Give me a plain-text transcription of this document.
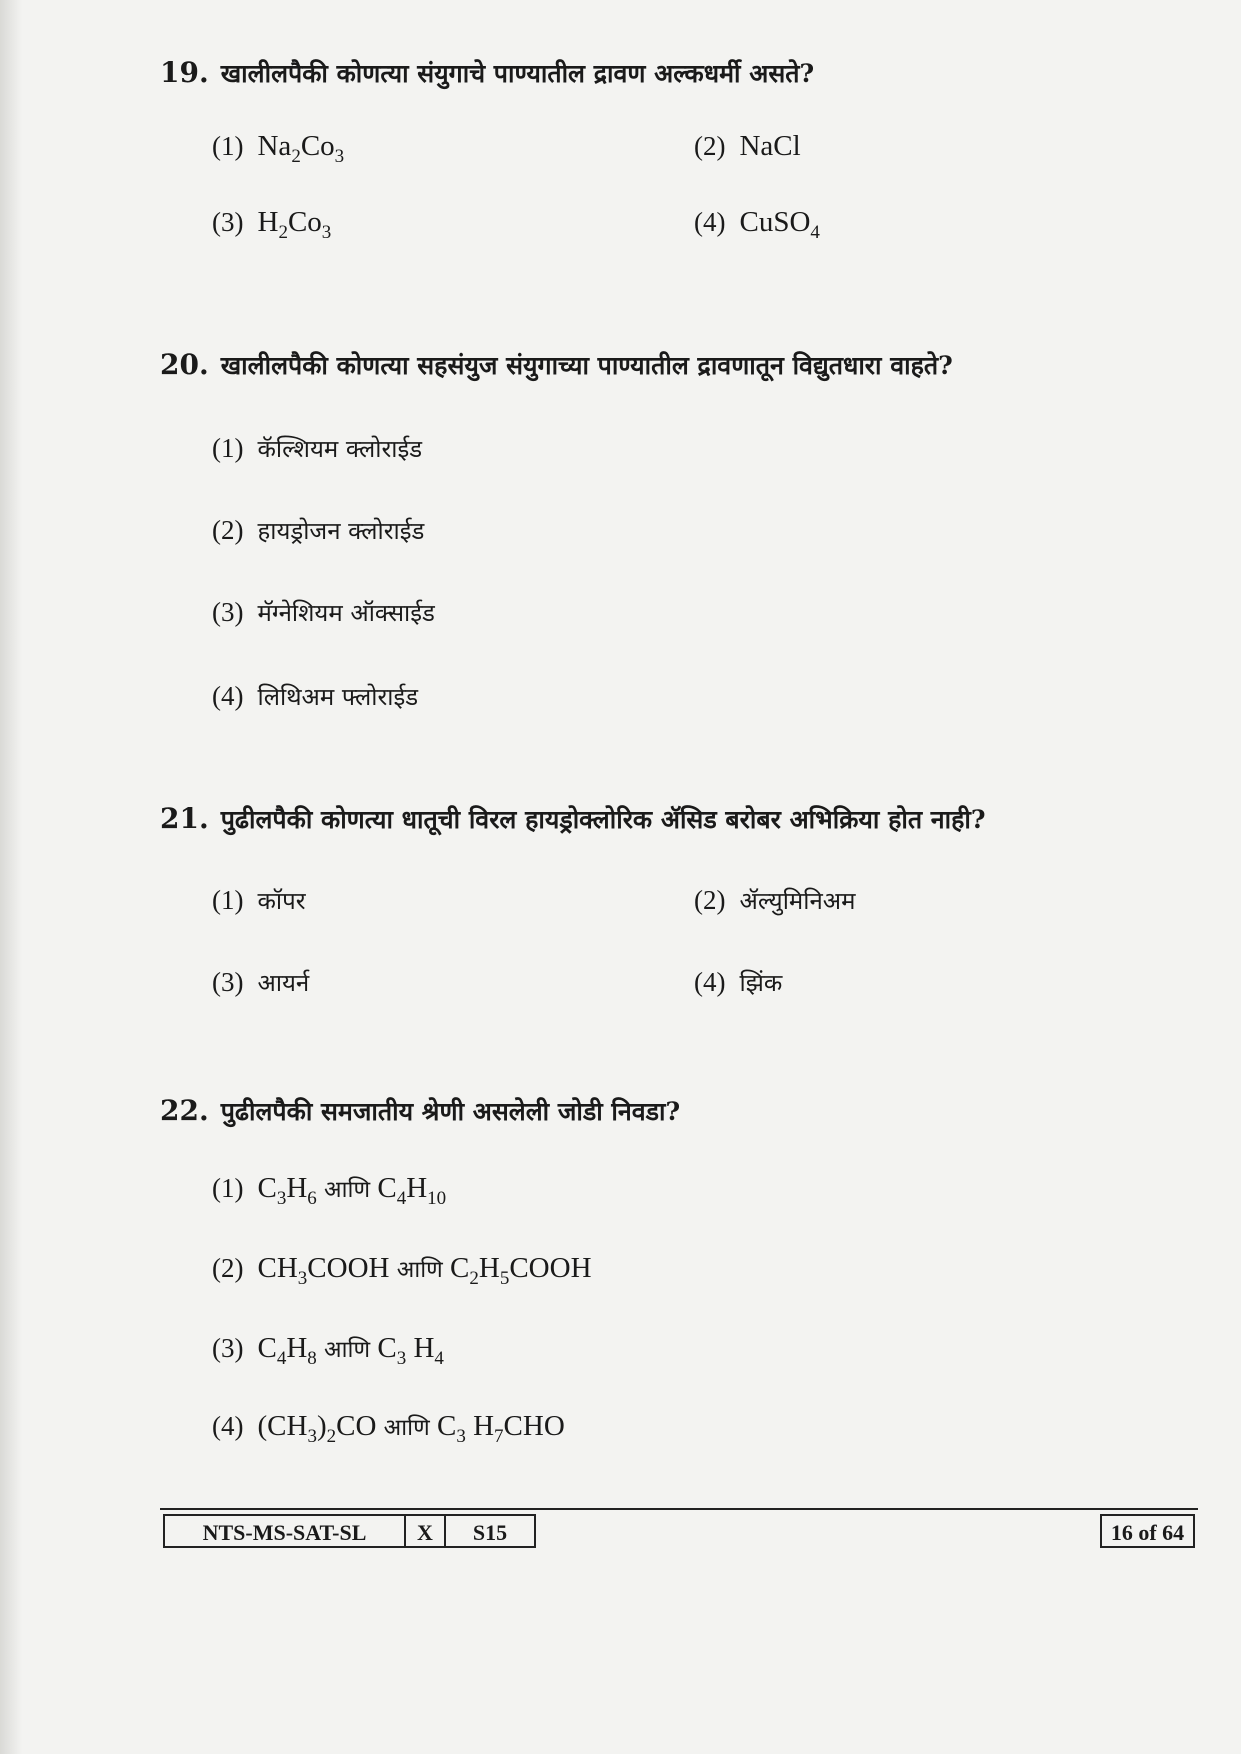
19. खालीलपैकी कोणत्या संयुगाचे पाण्यातील द्रावण अल्कधर्मी असते?
(1) $Na_2Co_3$	(2) NaCl
(3) $H_2Co_3$	(4) CuSO$_4$
20. खालीलपैकी कोणत्या सहसंयुज संयुगाच्या पाण्यातील द्रावणातून विद्युतधारा वाहते?
(1) कॅल्शियम क्लोराईड
(2) हायड्रोजन क्लोराईड
(3) मॅग्नेशियम ऑक्साईड
(4) लिथिअम फ्लोराईड
21. पुढीलपैकी कोणत्या धातूची विरल हायड्रोक्लोरिक ॲसिड बरोबर अभिक्रिया होत नाही?
(1) कॉपर	(2) ॲल्युमिनिअम
(3) आयर्न	(4) झिंक
22. पुढीलपैकी समजातीय श्रेणी असलेली जोडी निवडा?
(1) $C_3H_6$ आणि $C_4H_{10}$
(2) $CH_3COOH$ आणि $C_2H_5COOH$
(3) $C_4H_8$ आणि $C_3$ $H_4$
(4) $(CH_3)_2CO$ आणि $C_3$ $H_7CHO$
NTS-MS-SAT-SL	X	S15	16 of 64
